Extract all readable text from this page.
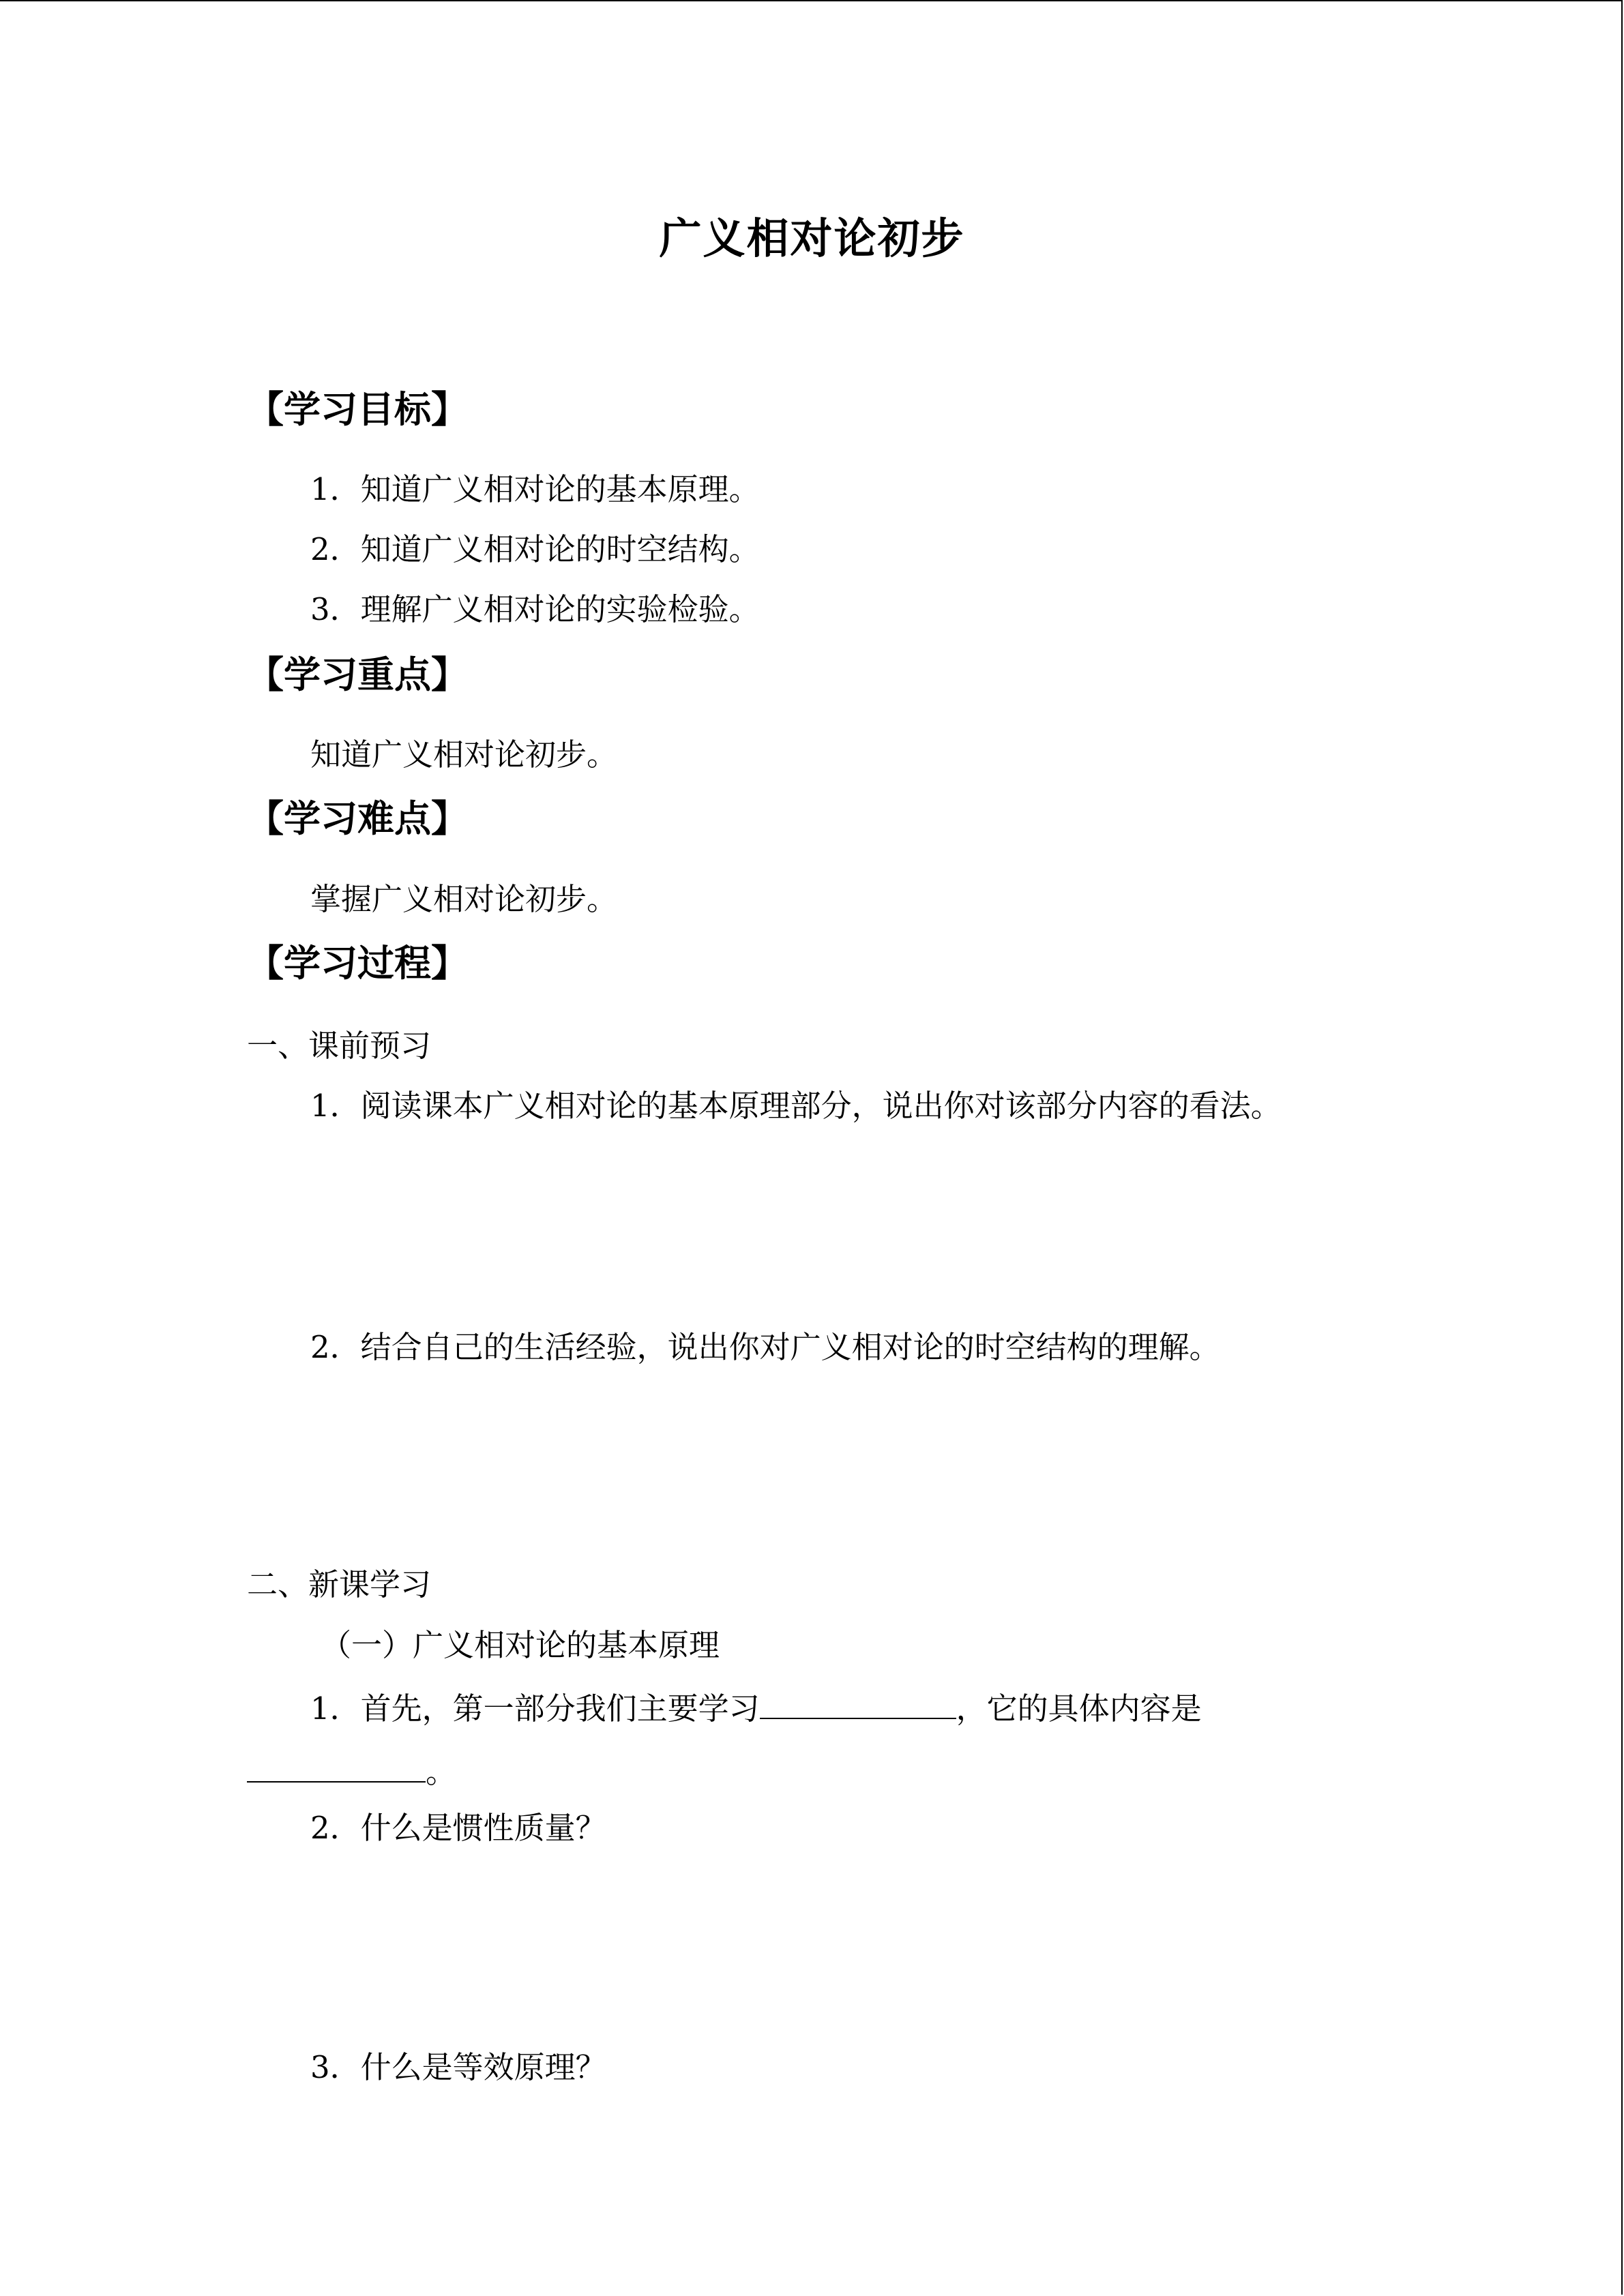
广义相对论初步
【学习目标】
1．知道广义相对论的基本原理。
2．知道广义相对论的时空结构。
3．理解广义相对论的实验检验。
【学习重点】
知道广义相对论初步。
【学习难点】
掌握广义相对论初步。
【学习过程】
一、课前预习
1．阅读课本广义相对论的基本原理部分，说出你对该部分内容的看法。
2．结合自己的生活经验，说出你对广义相对论的时空结构的理解。
二、新课学习
（一）广义相对论的基本原理
1．首先，第一部分我们主要学习	，它的具体内容是
。
2．什么是惯性质量？
3．什么是等效原理？
